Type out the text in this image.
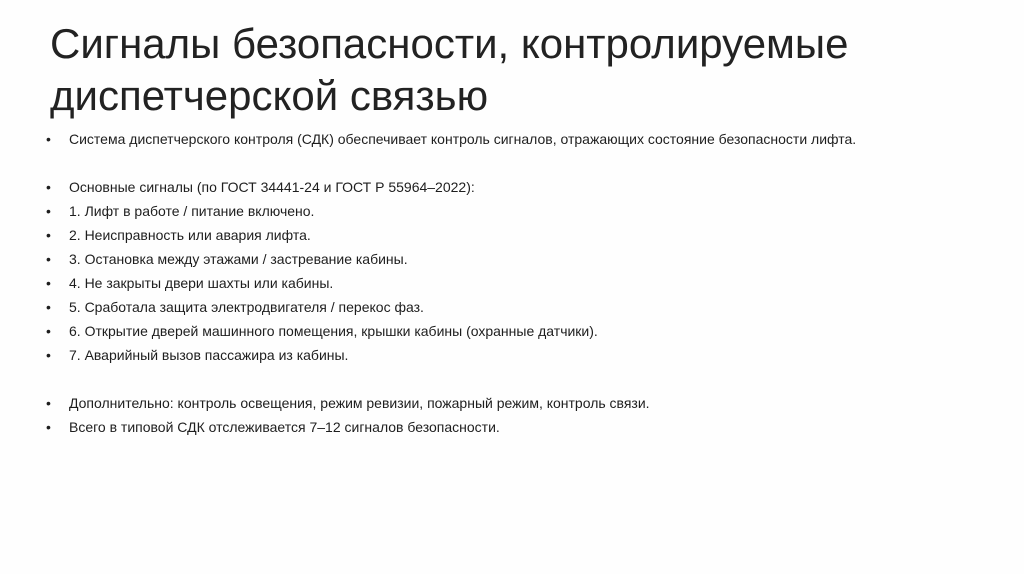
Сигналы безопасности, контролируемые диспетчерской связью
•	Система диспетчерского контроля (СДК) обеспечивает контроль сигналов, отражающих состояние безопасности лифта.
•	Основные сигналы (по ГОСТ 34441-24 и ГОСТ Р 55964–2022):
•	1. Лифт в работе / питание включено.
•	2. Неисправность или авария лифта.
•	3. Остановка между этажами / застревание кабины.
•	4. Не закрыты двери шахты или кабины.
•	5. Сработала защита электродвигателя / перекос фаз.
•	6. Открытие дверей машинного помещения, крышки кабины (охранные датчики).
•	7. Аварийный вызов пассажира из кабины.
•	Дополнительно: контроль освещения, режим ревизии, пожарный режим, контроль связи.
•	Всего в типовой СДК отслеживается 7–12 сигналов безопасности.
